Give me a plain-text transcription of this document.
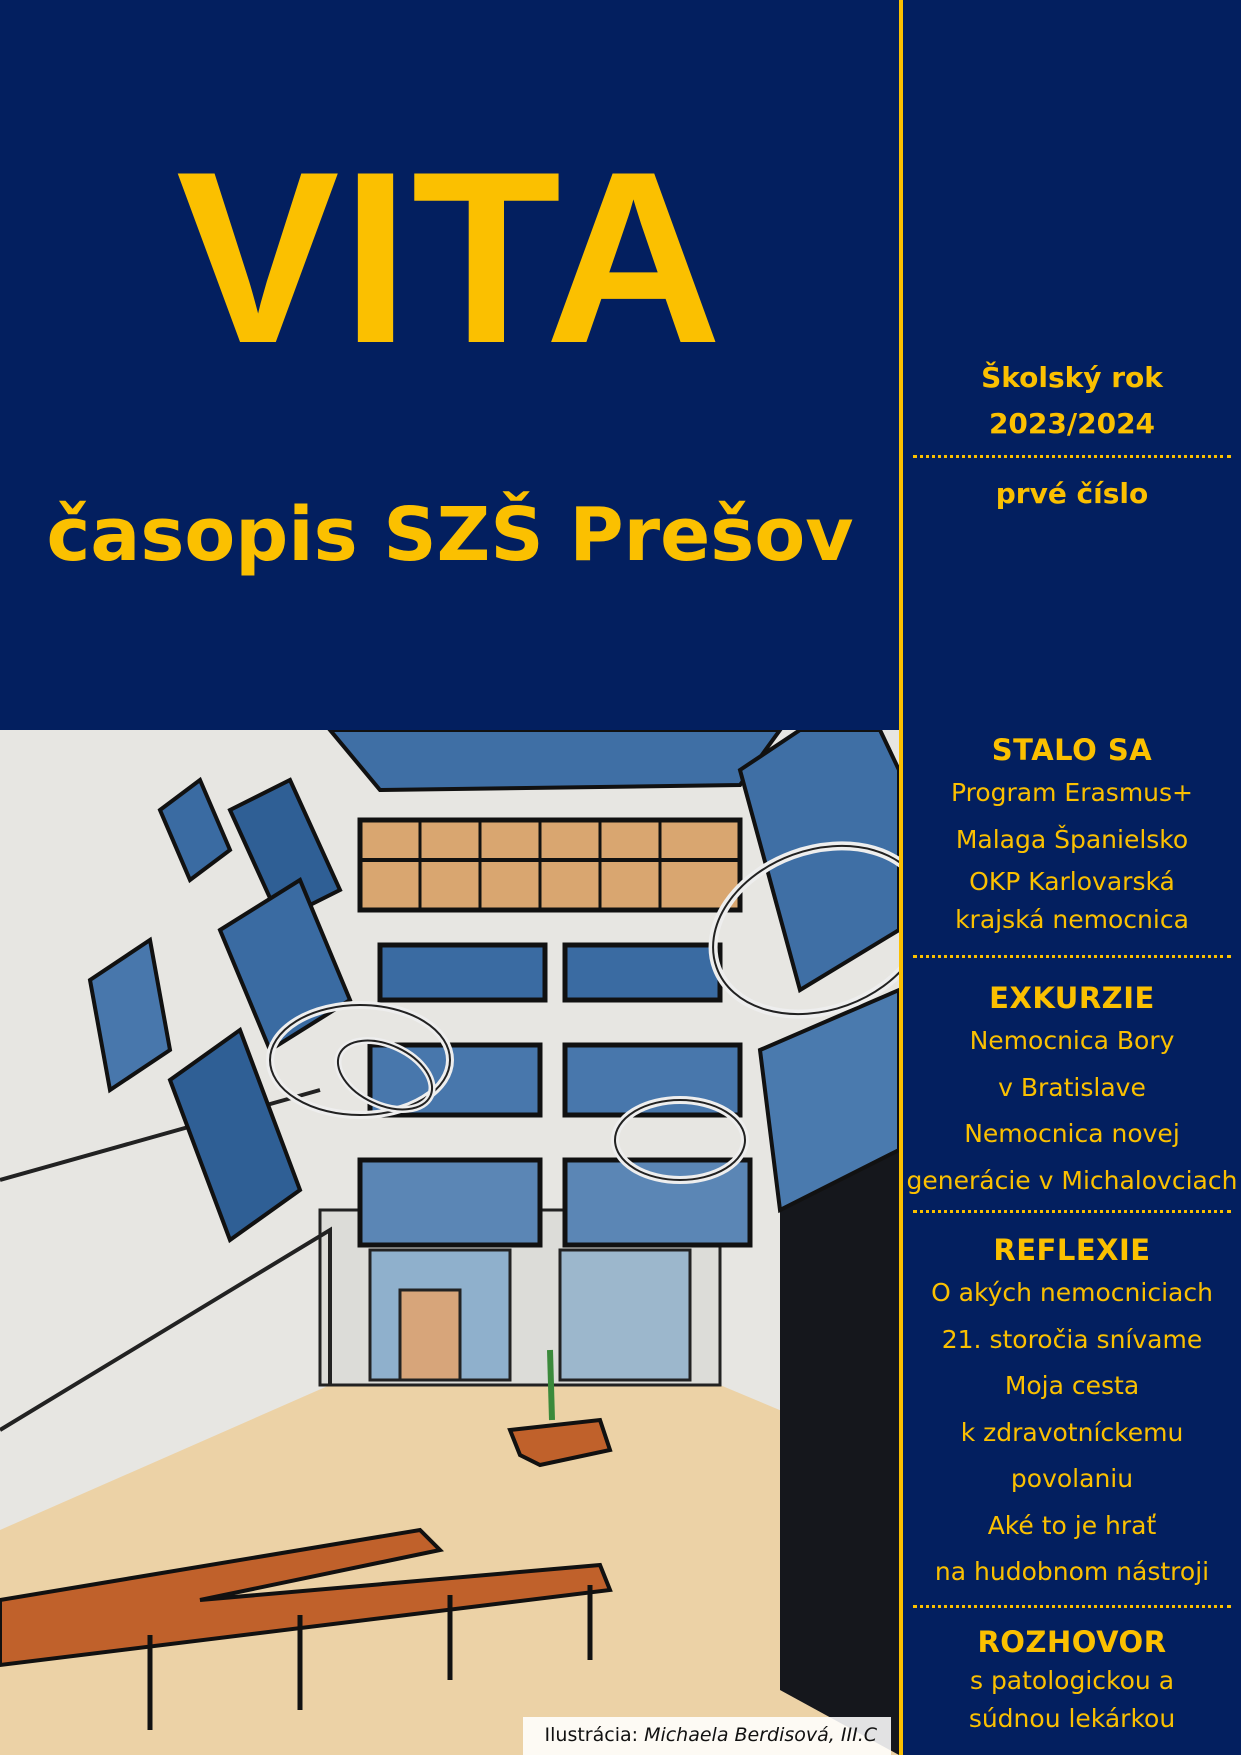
VITA
časopis SZŠ Prešov
Ilustrácia: Michaela Berdisová, III.C
Školský rok
2023/2024
prvé číslo
STALO SA
Program Erasmus+
Malaga Španielsko
OKP Karlovarská krajská nemocnica
EXKURZIE
Nemocnica Bory
v Bratislave
Nemocnica novej
generácie v Michalovciach
REFLEXIE
O akých nemocniciach
21. storočia snívame
Moja cesta
k zdravotníckemu
povolaniu
Aké to je hrať
na hudobnom nástroji
ROZHOVOR
s patologickou a súdnou lekárkou
